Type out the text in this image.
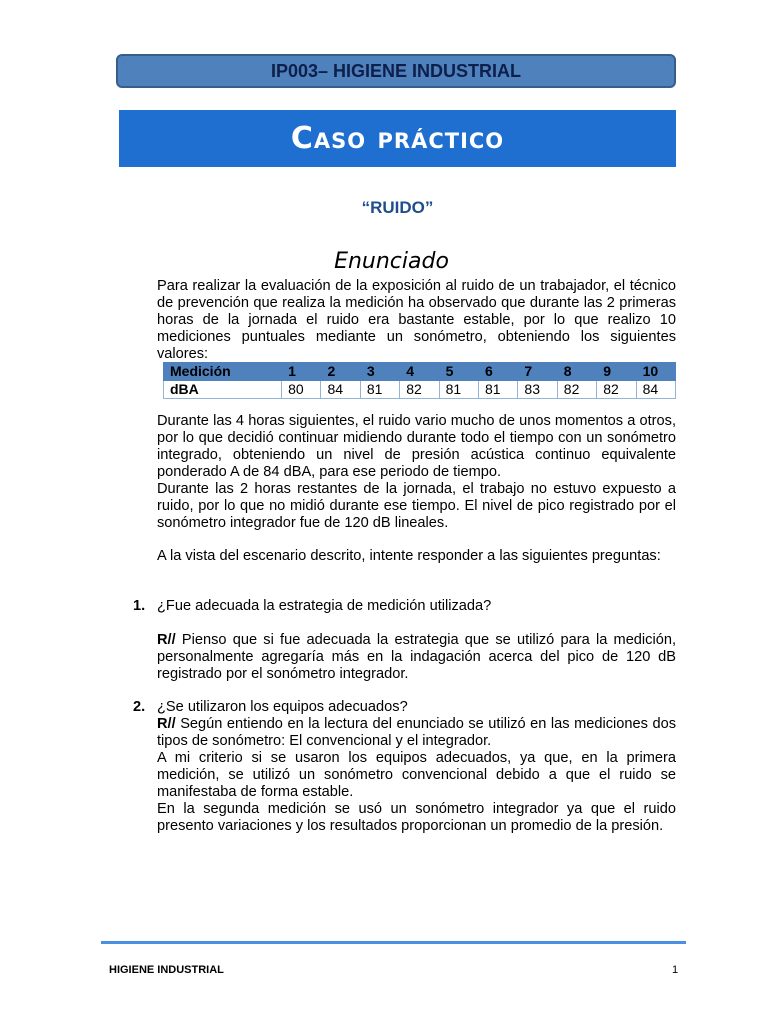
IP003– HIGIENE INDUSTRIAL
Caso práctico
“RUIDO”
Enunciado
Para realizar la evaluación de la exposición al ruido de un trabajador, el técnico de prevención que realiza la medición ha observado que durante las 2 primeras horas de la jornada el ruido era bastante estable, por lo que realizo 10 mediciones puntuales mediante un sonómetro, obteniendo los siguientes valores:
Medición	1	2	3	4	5	6	7	8	9	10
dBA	80	84	81	82	81	81	83	82	82	84

Durante las 4 horas siguientes, el ruido vario mucho de unos momentos a otros, por lo que decidió continuar midiendo durante todo el tiempo con un sonómetro integrado, obteniendo un nivel de presión acústica continuo equivalente ponderado A de 84 dBA, para ese periodo de tiempo.

Durante las 2 horas restantes de la jornada, el trabajo no estuvo expuesto a ruido, por lo que no midió durante ese tiempo. El nivel de pico registrado por el sonómetro integrador fue de 120 dB lineales.

A la vista del escenario descrito, intente responder a las siguientes preguntas:
1. ¿Fue adecuada la estrategia de medición utilizada?
R// Pienso que si fue adecuada la estrategia que se utilizó para la medición, personalmente agregaría más en la indagación acerca del pico de 120 dB registrado por el sonómetro integrador.
2. ¿Se utilizaron los equipos adecuados?

R// Según entiendo en la lectura del enunciado se utilizó en las mediciones dos tipos de sonómetro: El convencional y el integrador.

A mi criterio si se usaron los equipos adecuados, ya que, en la primera medición, se utilizó un sonómetro convencional debido a que el ruido se manifestaba de forma estable.

En la segunda medición se usó un sonómetro integrador ya que el ruido presento variaciones y los resultados proporcionan un promedio de la presión.

HIGIENE INDUSTRIAL	1
